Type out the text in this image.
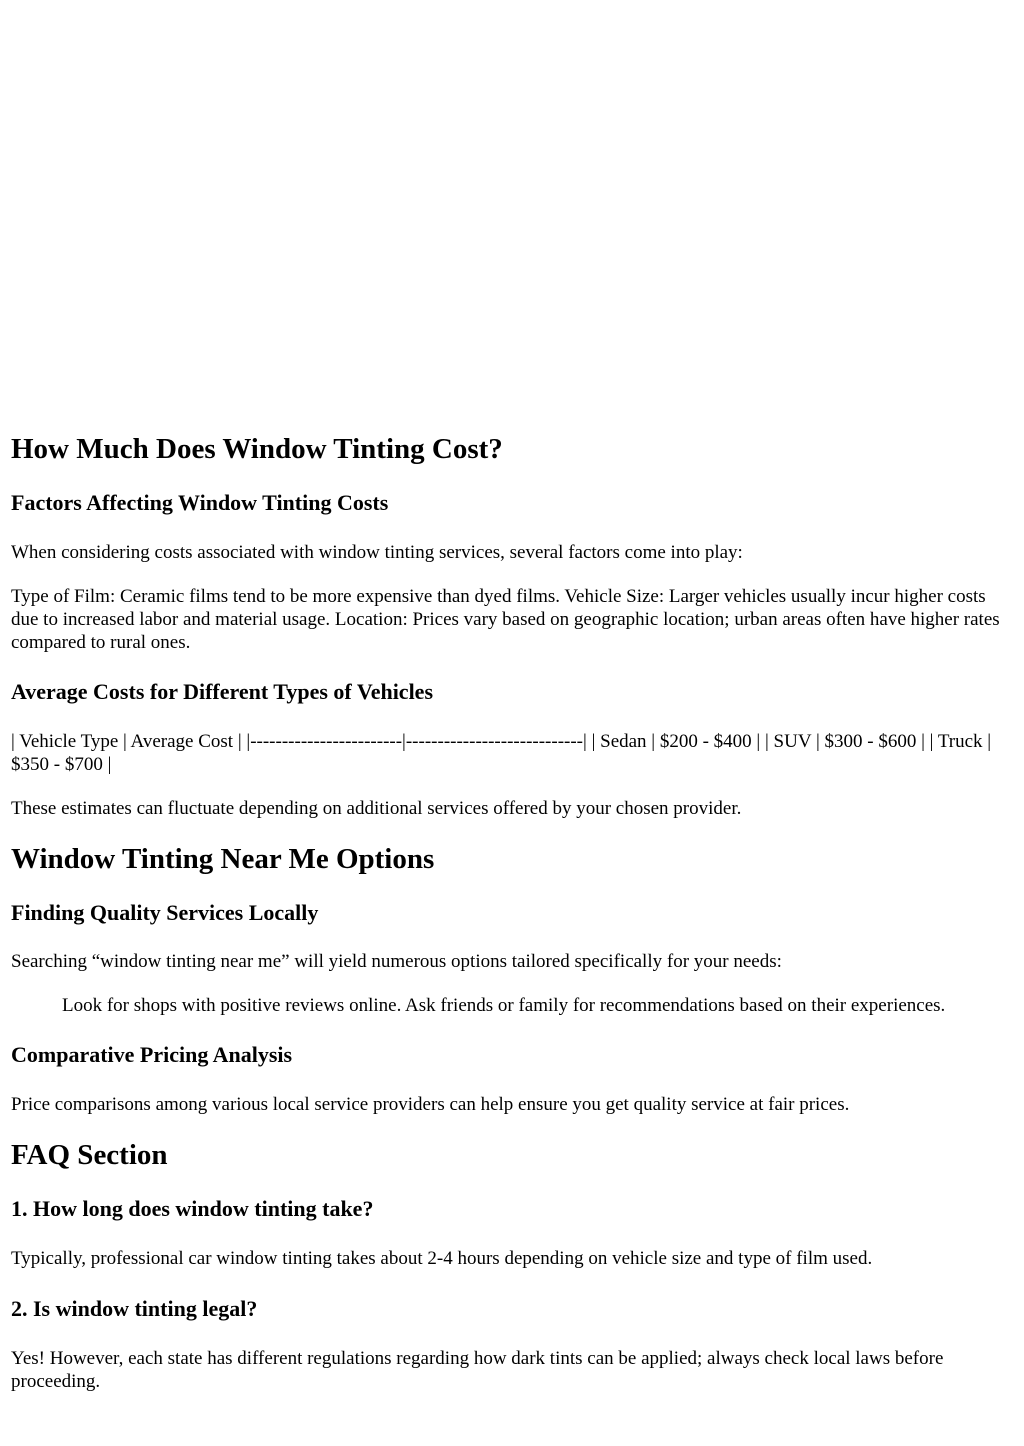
How Much Does Window Tinting Cost?
Factors Affecting Window Tinting Costs

When considering costs associated with window tinting services, several factors come into play:

Type of Film: Ceramic films tend to be more expensive than dyed films. Vehicle Size: Larger vehicles usually incur higher costs due to increased labor and material usage. Location: Prices vary based on geographic location; urban areas often have higher rates compared to rural ones.

Average Costs for Different Types of Vehicles

| Vehicle Type | Average Cost | |------------------------|----------------------------| | Sedan | $200 - $400 | | SUV | $300 - $600 | | Truck | $350 - $700 |

These estimates can fluctuate depending on additional services offered by your chosen provider.

Window Tinting Near Me Options
Finding Quality Services Locally

Searching “window tinting near me” will yield numerous options tailored specifically for your needs:

Look for shops with positive reviews online. Ask friends or family for recommendations based on their experiences.
Comparative Pricing Analysis

Price comparisons among various local service providers can help ensure you get quality service at fair prices.

FAQ Section
1. How long does window tinting take?

Typically, professional car window tinting takes about 2-4 hours depending on vehicle size and type of film used.

2. Is window tinting legal?

Yes! However, each state has different regulations regarding how dark tints can be applied; always check local laws before proceeding.
